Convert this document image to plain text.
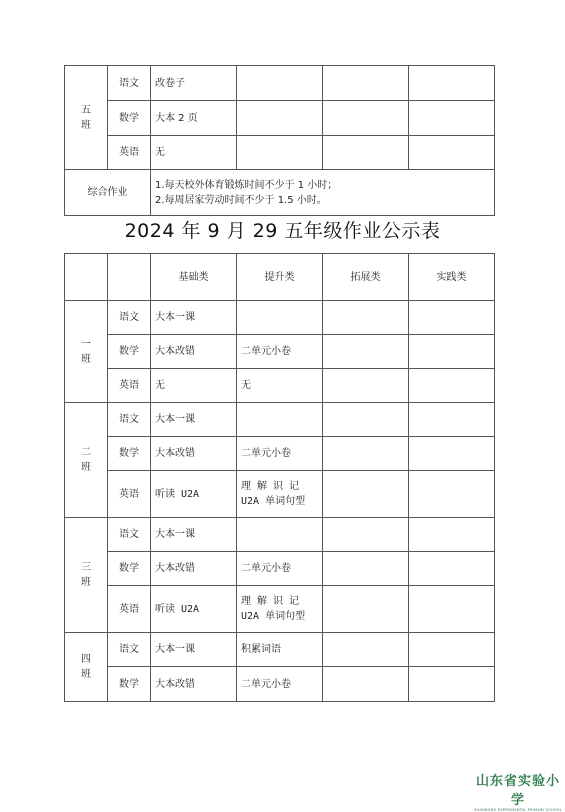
五
班	语文	改卷子			
	数学	大本 2 页			
	英语	无			
综合作业		1.每天校外体育锻炼时间不少于 1 小时；
2.每周居家劳动时间不少于 1.5 小时。			
2024 年 9 月 29 五年级作业公示表
		基础类	提升类	拓展类	实践类
一
班	语文	大本一课			
	数学	大本改错	二单元小卷		
	英语	无	无		
二
班	语文	大本一课			
	数学	大本改错	二单元小卷		
	英语	听读 U2A	理 解 识 记 U2A 单词句型		
三
班	语文	大本一课			
	数学	大本改错	二单元小卷		
	英语	听读 U2A	理 解 识 记 U2A 单词句型		
四
班	语文	大本一课	积累词语		
	数学	大本改错	二单元小卷		
山东省实验小学
SHANDONG EXPERIMENTAL PRIMARY SCHOOL
